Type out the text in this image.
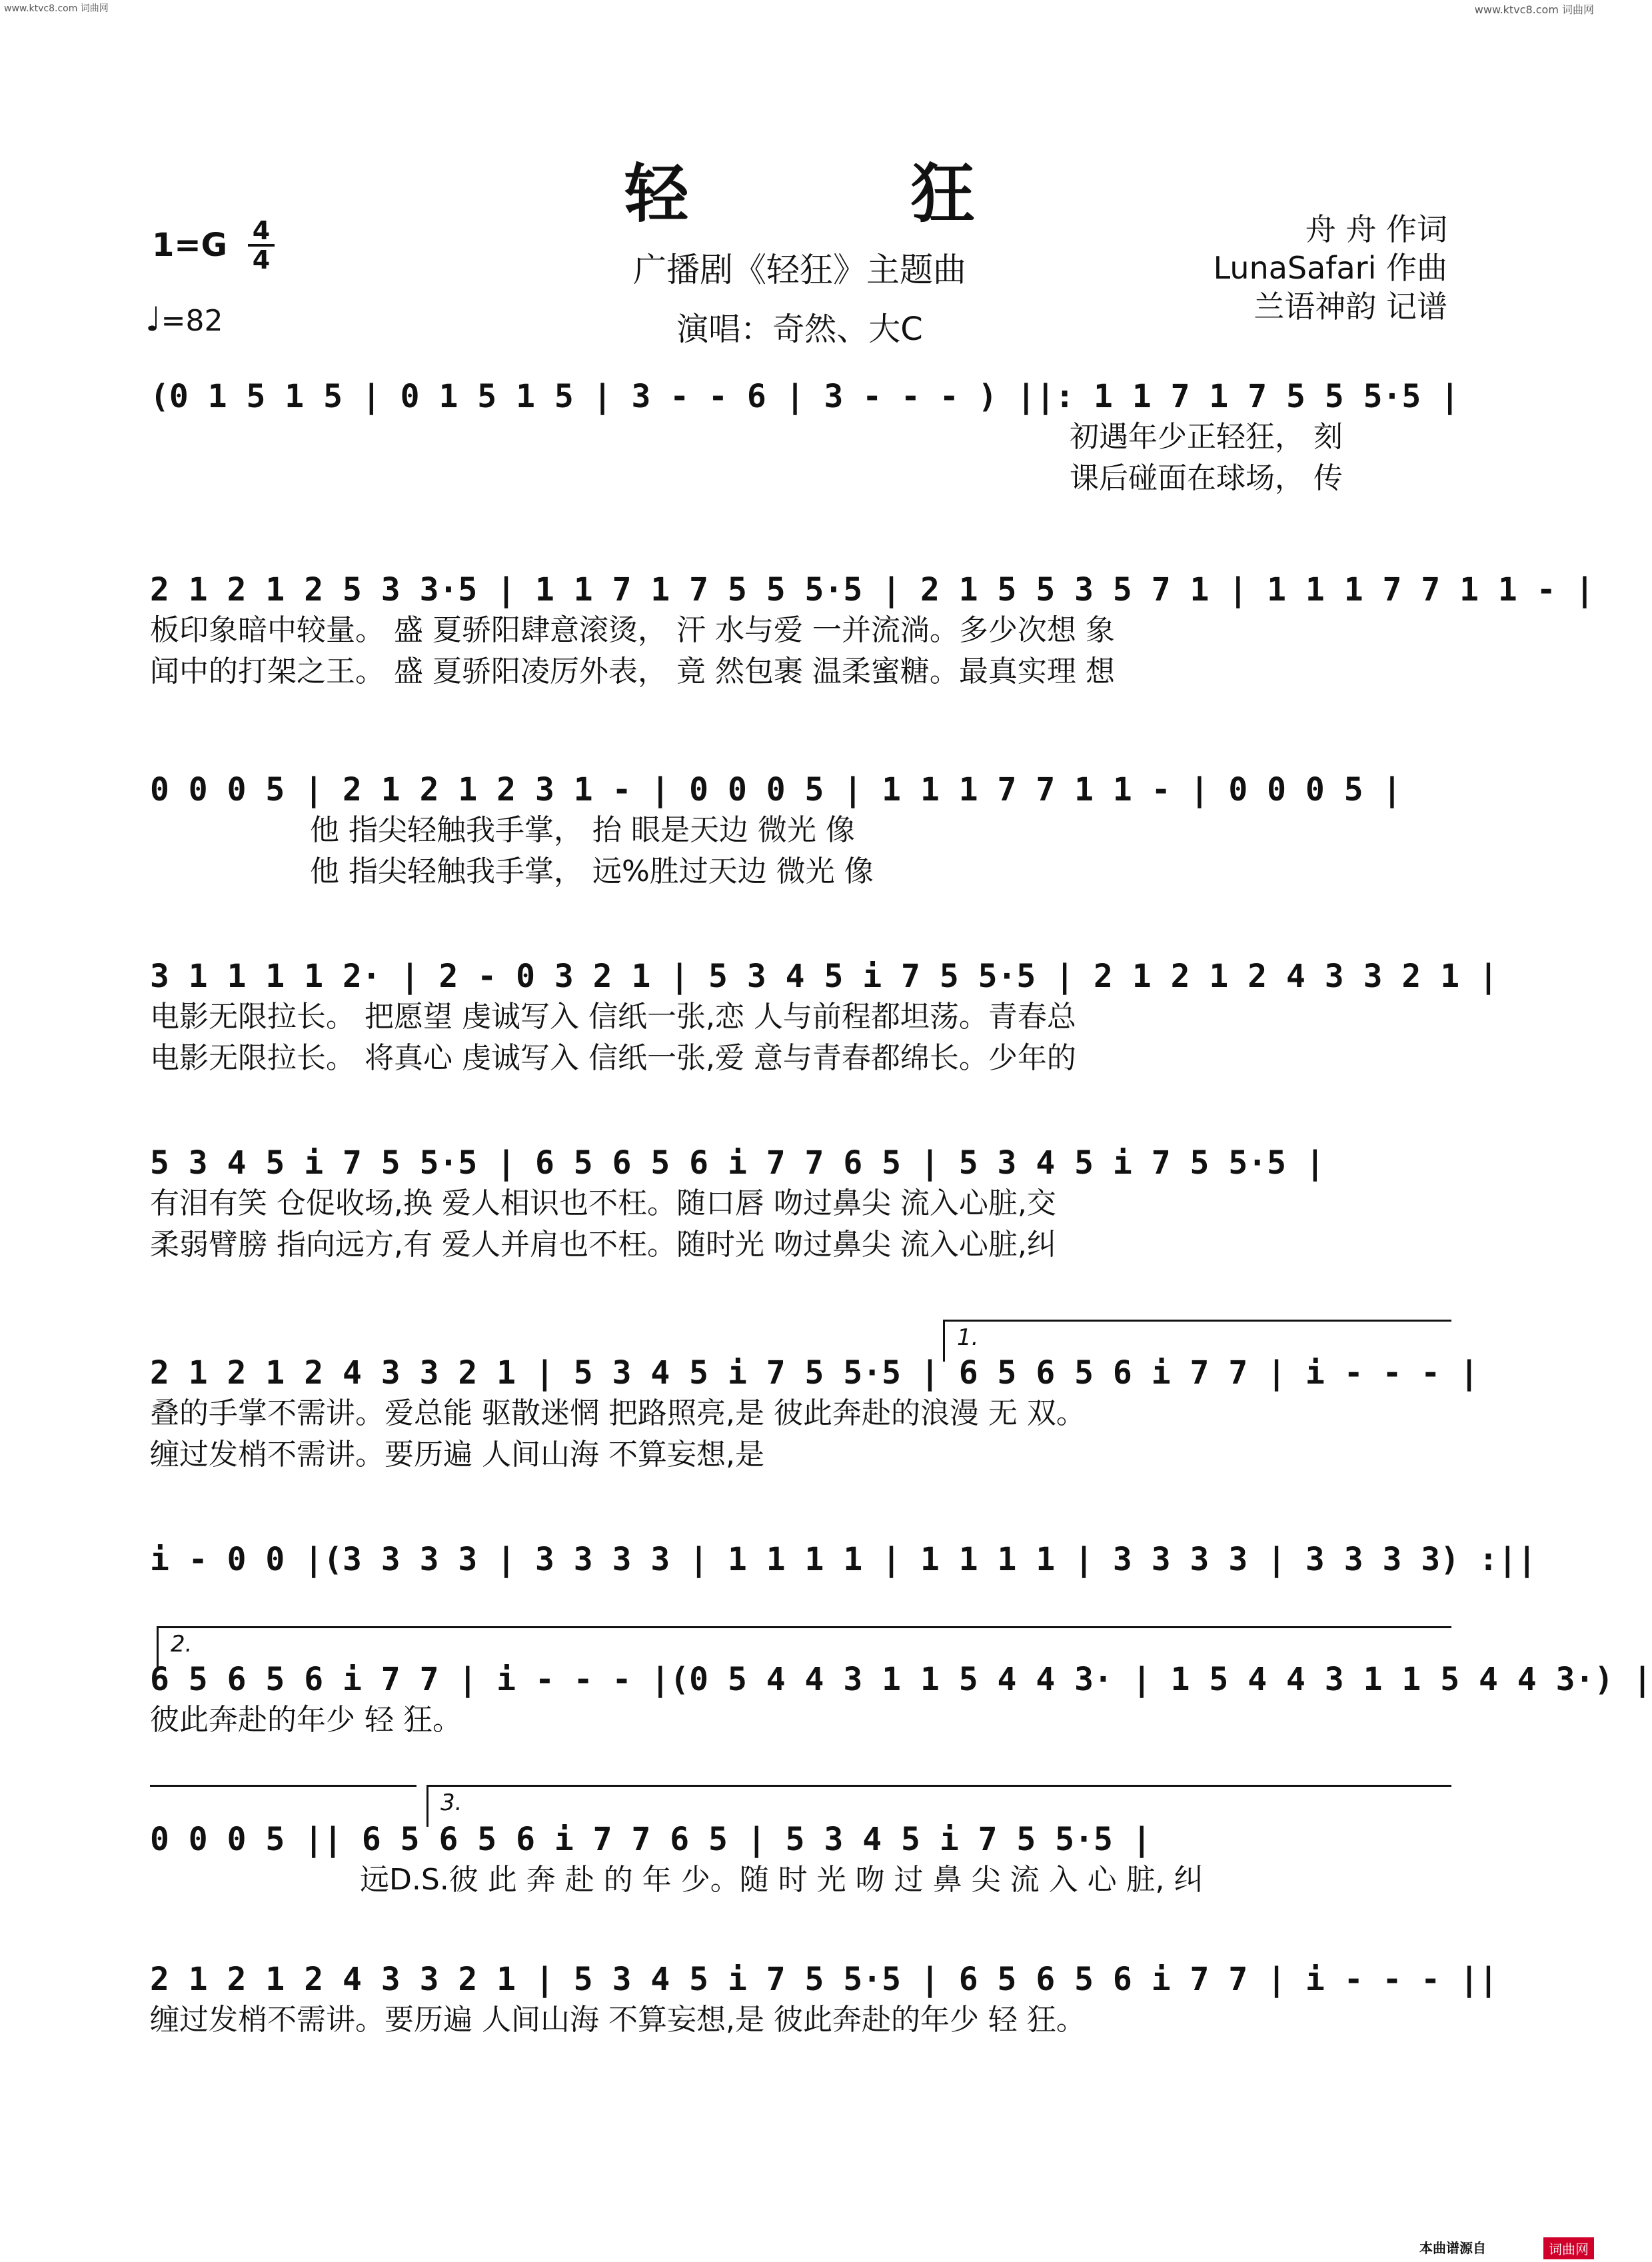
www.ktvc8.com 词曲网	www.ktvc8.com 词曲网
轻 狂
广播剧《轻狂》主题曲
演唱：奇然、大C
1=G 4
4
♩=82
舟 舟 作词
LunaSafari 作曲
兰语神韵 记谱
(0 1 5 1 5 | 0 1 5 1 5 | 3 - - 6 | 3 - - - ) ||: 1 1 7 1 7 5 5 5·5 |
初遇年少正轻狂， 刻
课后碰面在球场， 传
2 1 2 1 2 5 3 3·5 | 1 1 7 1 7 5 5 5·5 | 2 1 5 5 3 5 7 1 | 1 1 1 7 7 1 1 - |
板印象暗中较量。 盛 夏骄阳肆意滚烫， 汗 水与爱 一并流淌。多少次想 象
闻中的打架之王。 盛 夏骄阳凌厉外表， 竟 然包裹 温柔蜜糖。最真实理 想
0 0 0 5 | 2 1 2 1 2 3 1 - | 0 0 0 5 | 1 1 1 7 7 1 1 - | 0 0 0 5 |
他 指尖轻触我手掌， 抬 眼是天边 微光 像
他 指尖轻触我手掌， 远%胜过天边 微光 像
3 1 1 1 1 2· | 2 - 0 3 2 1 | 5 3 4 5 i 7 5 5·5 | 2 1 2 1 2 4 3 3 2 1 |
电影无限拉长。 把愿望 虔诚写入 信纸一张,恋 人与前程都坦荡。青春总
电影无限拉长。 将真心 虔诚写入 信纸一张,爱 意与青春都绵长。少年的
5 3 4 5 i 7 5 5·5 | 6 5 6 5 6 i 7 7 6 5 | 5 3 4 5 i 7 5 5·5 |
有泪有笑 仓促收场,换 爱人相识也不枉。随口唇 吻过鼻尖 流入心脏,交
柔弱臂膀 指向远方,有 爱人并肩也不枉。随时光 吻过鼻尖 流入心脏,纠
1.
2 1 2 1 2 4 3 3 2 1 | 5 3 4 5 i 7 5 5·5 | 6 5 6 5 6 i 7 7 | i - - - |
叠的手掌不需讲。爱总能 驱散迷惘 把路照亮,是 彼此奔赴的浪漫 无 双。
缠过发梢不需讲。要历遍 人间山海 不算妄想,是
i - 0 0 |(3 3 3 3 | 3 3 3 3 | 1 1 1 1 | 1 1 1 1 | 3 3 3 3 | 3 3 3 3) :||
2.
6 5 6 5 6 i 7 7 | i - - - |(0 5 4 4 3 1 1 5 4 4 3· | 1 5 4 4 3 1 1 5 4 4 3·) |
彼此奔赴的年少 轻 狂。
3.
0 0 0 5 || 6 5 6 5 6 i 7 7 6 5 | 5 3 4 5 i 7 5 5·5 |
远D.S.彼 此 奔 赴 的 年 少。随 时 光 吻 过 鼻 尖 流 入 心 脏, 纠
2 1 2 1 2 4 3 3 2 1 | 5 3 4 5 i 7 5 5·5 | 6 5 6 5 6 i 7 7 | i - - - ||
缠过发梢不需讲。要历遍 人间山海 不算妄想,是 彼此奔赴的年少 轻 狂。
本曲谱源自	词曲网
